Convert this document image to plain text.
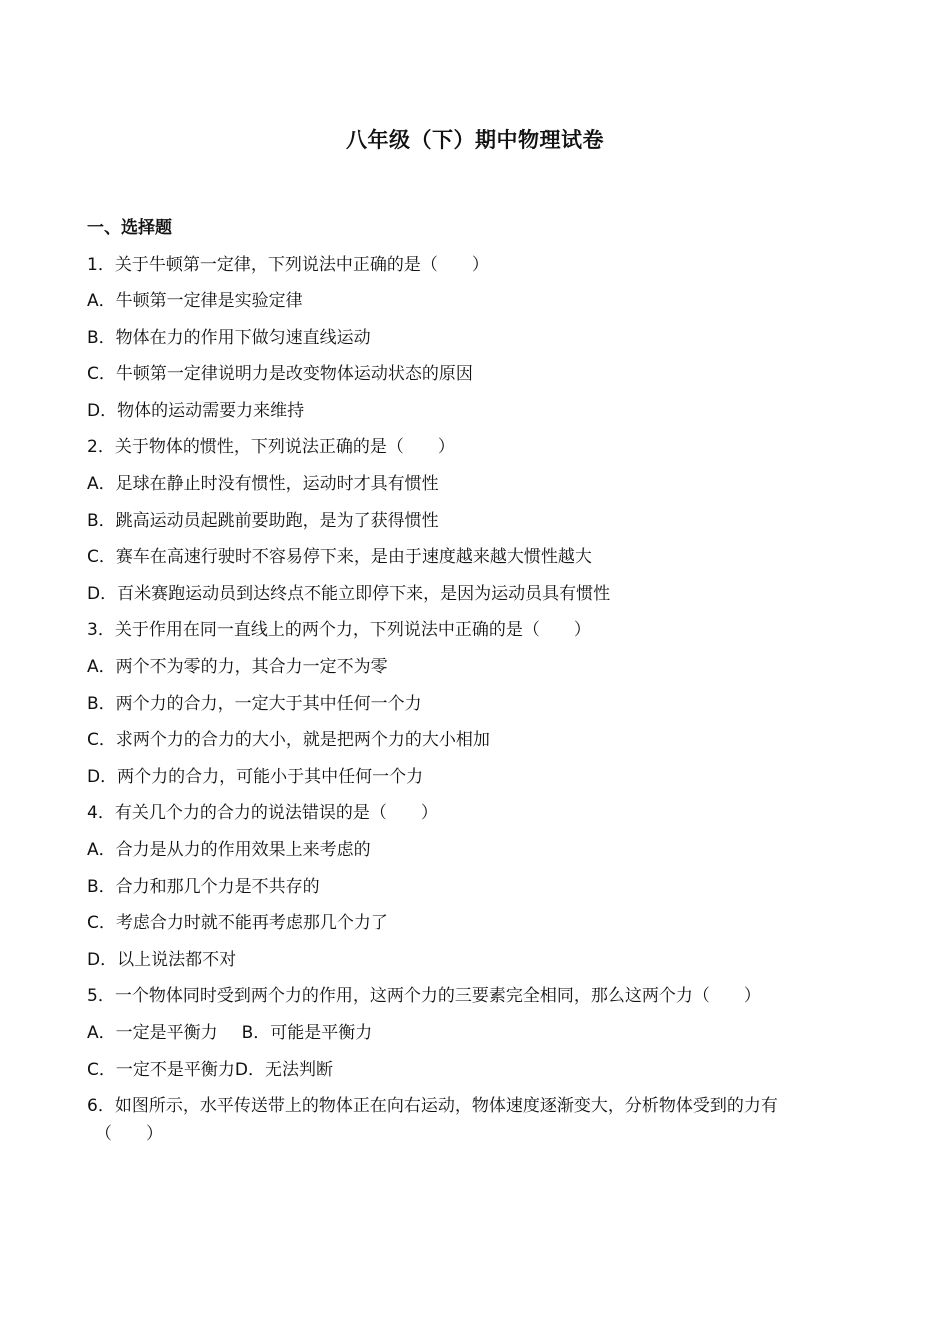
八年级（下）期中物理试卷
一、选择题
1．关于牛顿第一定律，下列说法中正确的是（　　）
A．牛顿第一定律是实验定律
B．物体在力的作用下做匀速直线运动
C．牛顿第一定律说明力是改变物体运动状态的原因
D．物体的运动需要力来维持
2．关于物体的惯性，下列说法正确的是（　　）
A．足球在静止时没有惯性，运动时才具有惯性
B．跳高运动员起跳前要助跑，是为了获得惯性
C．赛车在高速行驶时不容易停下来，是由于速度越来越大惯性越大
D．百米赛跑运动员到达终点不能立即停下来，是因为运动员具有惯性
3．关于作用在同一直线上的两个力，下列说法中正确的是（　　）
A．两个不为零的力，其合力一定不为零
B．两个力的合力，一定大于其中任何一个力
C．求两个力的合力的大小，就是把两个力的大小相加
D．两个力的合力，可能小于其中任何一个力
4．有关几个力的合力的说法错误的是（　　）
A．合力是从力的作用效果上来考虑的
B．合力和那几个力是不共存的
C．考虑合力时就不能再考虑那几个力了
D．以上说法都不对
5．一个物体同时受到两个力的作用，这两个力的三要素完全相同，那么这两个力（　　）
A．一定是平衡力 B．可能是平衡力
C．一定不是平衡力D．无法判断
6．如图所示，水平传送带上的物体正在向右运动，物体速度逐渐变大，分析物体受到的力有
（　　）
